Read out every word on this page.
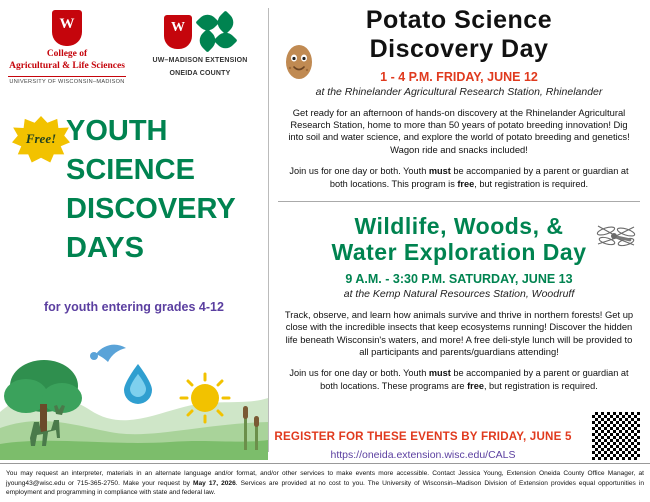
W
College of
Agricultural & Life Sciences
UNIVERSITY OF WISCONSIN–MADISON
W
UW–MADISON EXTENSION
ONEIDA COUNTY
Free! YOUTH
SCIENCE
DISCOVERY
DAYS
for youth entering grades 4-12
Potato Science
Discovery Day
1 - 4 P.M. FRIDAY, JUNE 12
at the Rhinelander Agricultural Research Station, Rhinelander
Get ready for an afternoon of hands-on discovery at the Rhinelander Agricultural Research Station, home to more than 50 years of potato breeding innovation! Dig into soil and water science, and explore the world of potato breeding and genetics! Wagon ride and snacks included!
Join us for one day or both. Youth must be accompanied by a parent or guardian at both locations. This program is free, but registration is required.
Wildlife, Woods, &
Water Exploration Day
9 A.M. - 3:30 P.M. SATURDAY, JUNE 13
at the Kemp Natural Resources Station, Woodruff
Track, observe, and learn how animals survive and thrive in northern forests! Get up close with the incredible insects that keep ecosystems running! Discover the hidden life beneath Wisconsin's waters, and more! A free deli-style lunch will be provided to all participants and parents/guardians attending!
Join us for one day or both. Youth must be accompanied by a parent or guardian at both locations. These programs are free, but registration is required.
REGISTER FOR THESE EVENTS BY FRIDAY, JUNE 5
https://oneida.extension.wisc.edu/CALS
You may request an interpreter, materials in an alternate language and/or format, and/or other services to make events more accessible. Contact Jessica Young, Extension Oneida County Office Manager, at jyoung43@wisc.edu or 715-365-2750. Make your request by May 17, 2026. Services are provided at no cost to you. The University of Wisconsin–Madison Division of Extension provides equal opportunities in employment and programming in compliance with state and federal law.
